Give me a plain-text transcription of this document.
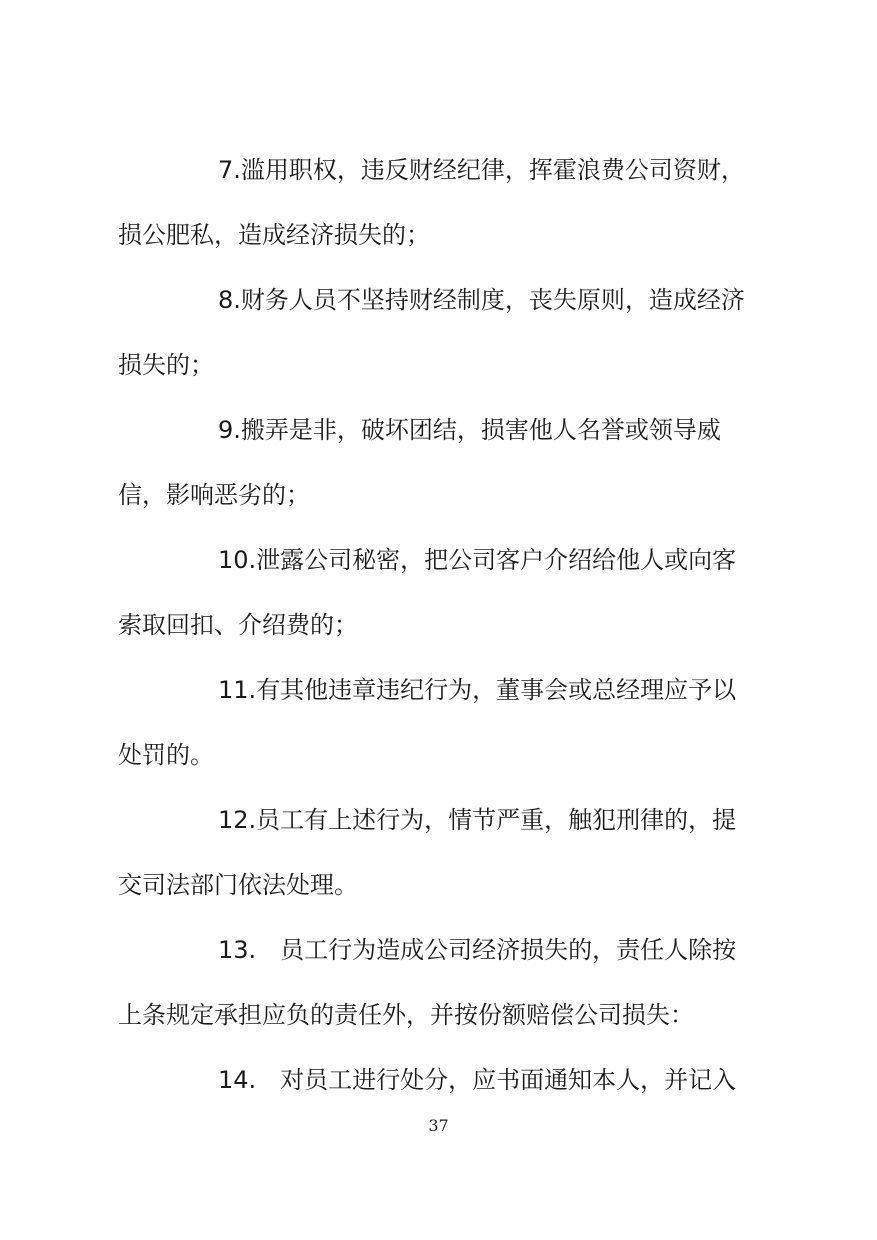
7.滥用职权，违反财经纪律，挥霍浪费公司资财，
损公肥私，造成经济损失的；
8.财务人员不坚持财经制度，丧失原则，造成经济
损失的；
9.搬弄是非，破坏团结，损害他人名誉或领导威
信，影响恶劣的；
10.泄露公司秘密，把公司客户介绍给他人或向客
索取回扣、介绍费的；
11.有其他违章违纪行为，董事会或总经理应予以
处罚的。
12.员工有上述行为，情节严重，触犯刑律的，提
交司法部门依法处理。
13.　员工行为造成公司经济损失的，责任人除按
上条规定承担应负的责任外，并按份额赔偿公司损失：
14.　对员工进行处分，应书面通知本人，并记入
37
